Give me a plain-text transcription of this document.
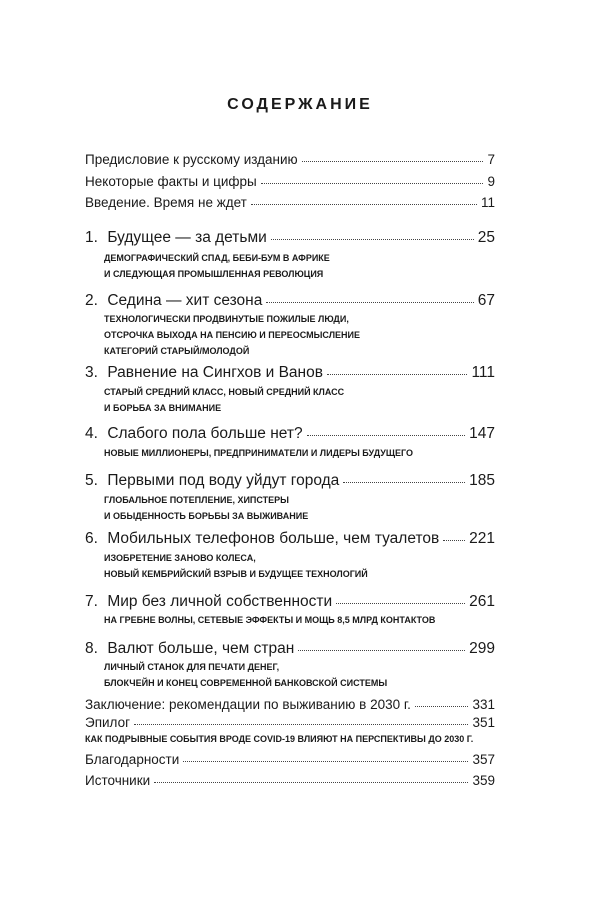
СОДЕРЖАНИЕ
Предисловие к русскому изданию	7
Некоторые факты и цифры	9
Введение. Время не ждет	11
1. Будущее — за детьми	25
ДЕМОГРАФИЧЕСКИЙ СПАД, БЕБИ-БУМ В АФРИКЕ
И СЛЕДУЮЩАЯ ПРОМЫШЛЕННАЯ РЕВОЛЮЦИЯ
2. Седина — хит сезона	67
ТЕХНОЛОГИЧЕСКИ ПРОДВИНУТЫЕ ПОЖИЛЫЕ ЛЮДИ,
ОТСРОЧКА ВЫХОДА НА ПЕНСИЮ И ПЕРЕОСМЫСЛЕНИЕ
КАТЕГОРИЙ СТАРЫЙ/МОЛОДОЙ
3. Равнение на Сингхов и Ванов	111
СТАРЫЙ СРЕДНИЙ КЛАСС, НОВЫЙ СРЕДНИЙ КЛАСС
И БОРЬБА ЗА ВНИМАНИЕ
4. Слабого пола больше нет?	147
НОВЫЕ МИЛЛИОНЕРЫ, ПРЕДПРИНИМАТЕЛИ И ЛИДЕРЫ БУДУЩЕГО
5. Первыми под воду уйдут города	185
ГЛОБАЛЬНОЕ ПОТЕПЛЕНИЕ, ХИПСТЕРЫ
И ОБЫДЕННОСТЬ БОРЬБЫ ЗА ВЫЖИВАНИЕ
6. Мобильных телефонов больше, чем туалетов 221
ИЗОБРЕТЕНИЕ ЗАНОВО КОЛЕСА,
НОВЫЙ КЕМБРИЙСКИЙ ВЗРЫВ И БУДУЩЕЕ ТЕХНОЛОГИЙ
7. Мир без личной собственности	261
НА ГРЕБНЕ ВОЛНЫ, СЕТЕВЫЕ ЭФФЕКТЫ И МОЩЬ 8,5 МЛРД КОНТАКТОВ
8. Валют больше, чем стран	299
ЛИЧНЫЙ СТАНОК ДЛЯ ПЕЧАТИ ДЕНЕГ,
БЛОКЧЕЙН И КОНЕЦ СОВРЕМЕННОЙ БАНКОВСКОЙ СИСТЕМЫ
Заключение: рекомендации по выживанию в 2030 г.	331
Эпилог	351
КАК ПОДРЫВНЫЕ СОБЫТИЯ ВРОДЕ COVID-19 ВЛИЯЮТ НА ПЕРСПЕКТИВЫ ДО 2030 Г.
Благодарности	357
Источники	359
